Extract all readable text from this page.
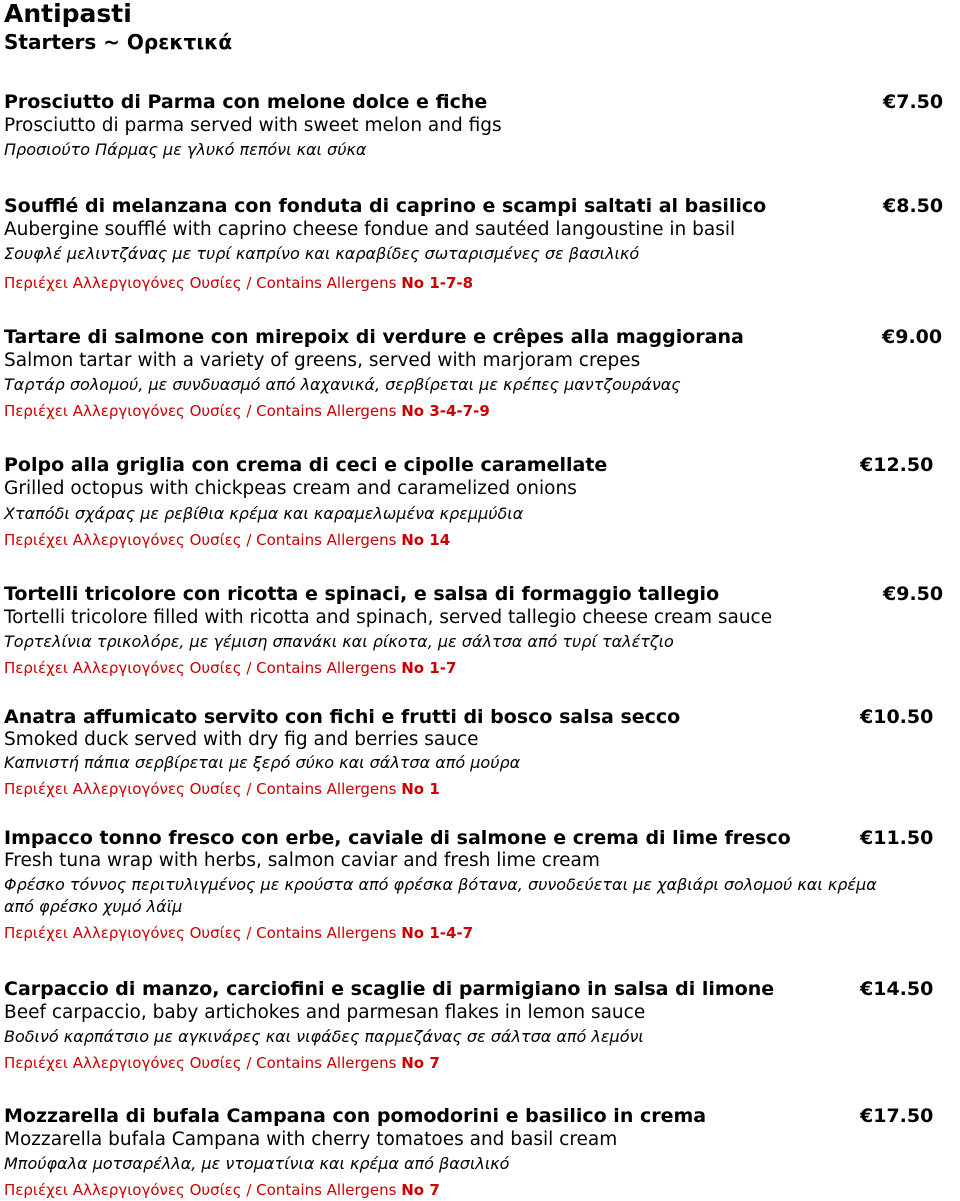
Antipasti
Starters ~ Ορεκτικά
Prosciutto di Parma con melone dolce e fiche	€7.50
Prosciutto di parma served with sweet melon and figs
Προσιούτο Πάρμας με γλυκό πεπόνι και σύκα
Soufflé di melanzana con fonduta di caprino e scampi saltati al basilico	€8.50
Aubergine soufflé with caprino cheese fondue and sautéed langoustine in basil
Σουφλέ μελιντζάνας με τυρί καπρίνο και καραβίδες σωταρισμένες σε βασιλικό
Περιέχει Αλλεργιογόνες Ουσίες / Contains Allergens No 1-7-8
Tartare di salmone con mirepoix di verdure e crêpes alla maggiorana	€9.00
Salmon tartar with a variety of greens, served with marjoram crepes
Ταρτάρ σολομού, με συνδυασμό από λαχανικά, σερβίρεται με κρέπες μαντζουράνας
Περιέχει Αλλεργιογόνες Ουσίες / Contains Allergens No 3-4-7-9
Polpo alla griglia con crema di ceci e cipolle caramellate	€12.50
Grilled octopus with chickpeas cream and caramelized onions
Χταπόδι σχάρας με ρεβίθια κρέμα και καραμελωμένα κρεμμύδια
Περιέχει Αλλεργιογόνες Ουσίες / Contains Allergens No 14
Tortelli tricolore con ricotta e spinaci, e salsa di formaggio tallegio	€9.50
Tortelli tricolore filled with ricotta and spinach, served tallegio cheese cream sauce
Τορτελίνια τρικολόρε, με γέμιση σπανάκι και ρίκοτα, με σάλτσα από τυρί ταλέτζιο
Περιέχει Αλλεργιογόνες Ουσίες / Contains Allergens No 1-7
Anatra affumicato servito con fichi e frutti di bosco salsa secco	€10.50
Smoked duck served with dry fig and berries sauce
Καπνιστή πάπια σερβίρεται με ξερό σύκο και σάλτσα από μούρα
Περιέχει Αλλεργιογόνες Ουσίες / Contains Allergens No 1
Impacco tonno fresco con erbe, caviale di salmone e crema di lime fresco	€11.50
Fresh tuna wrap with herbs, salmon caviar and fresh lime cream
Φρέσκο τόννος περιτυλιγμένος με κρούστα από φρέσκα βότανα, συνοδεύεται με χαβιάρι σολομού και κρέμα από φρέσκο χυμό λάϊμ
Περιέχει Αλλεργιογόνες Ουσίες / Contains Allergens No 1-4-7
Carpaccio di manzo, carciofini e scaglie di parmigiano in salsa di limone	€14.50
Beef carpaccio, baby artichokes and parmesan flakes in lemon sauce
Βοδινό καρπάτσιο με αγκινάρες και νιφάδες παρμεζάνας σε σάλτσα από λεμόνι
Περιέχει Αλλεργιογόνες Ουσίες / Contains Allergens No 7
Mozzarella di bufala Campana con pomodorini e basilico in crema	€17.50
Mozzarella bufala Campana with cherry tomatoes and basil cream
Μπούφαλα μοτσαρέλλα, με ντοματίνια και κρέμα από βασιλικό
Περιέχει Αλλεργιογόνες Ουσίες / Contains Allergens No 7
